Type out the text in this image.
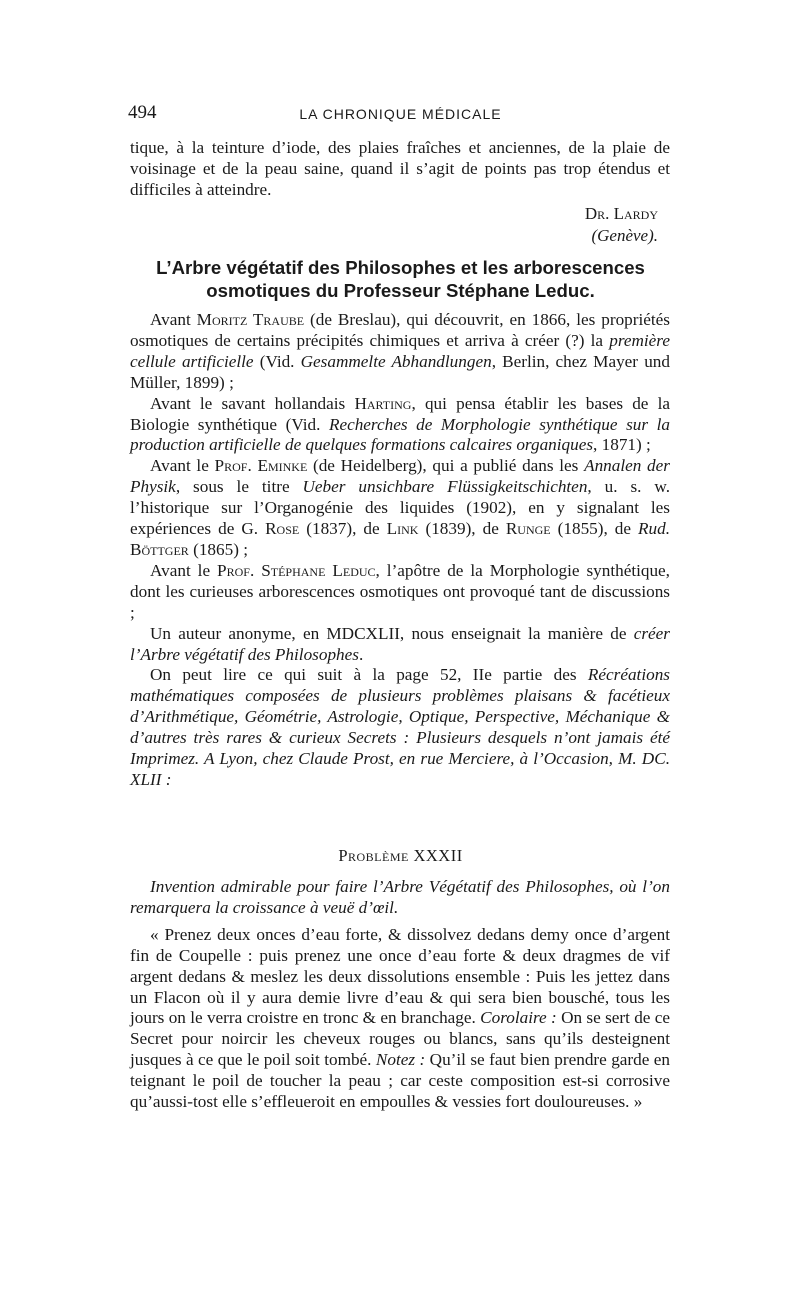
494	LA CHRONIQUE MÉDICALE

tique, à la teinture d’iode, des plaies fraîches et anciennes, de la plaie de voisinage et de la peau saine, quand il s’agit de points pas trop étendus et difficiles à atteindre.

Dr. Lardy
(Genève).
L’Arbre végétatif des Philosophes et les arborescences
osmotiques du Professeur Stéphane Leduc.

Avant Moritz Traube (de Breslau), qui découvrit, en 1866, les propriétés osmotiques de certains précipités chimiques et arriva à créer (?) la première cellule artificielle (Vid. Gesammelte Abhandlungen, Berlin, chez Mayer und Müller, 1899) ;

Avant le savant hollandais Harting, qui pensa établir les bases de la Biologie synthétique (Vid. Recherches de Morphologie synthétique sur la production artificielle de quelques formations calcaires organiques, 1871) ;

Avant le Prof. Eminke (de Heidelberg), qui a publié dans les Annalen der Physik, sous le titre Ueber unsichbare Flüssigkeitschichten, u. s. w. l’historique sur l’Organogénie des liquides (1902), en y signalant les expériences de G. Rose (1837), de Link (1839), de Runge (1855), de Rud. Böttger (1865) ;

Avant le Prof. Stéphane Leduc, l’apôtre de la Morphologie synthétique, dont les curieuses arborescences osmotiques ont provoqué tant de discussions ;

Un auteur anonyme, en MDCXLII, nous enseignait la manière de créer l’Arbre végétatif des Philosophes.

On peut lire ce qui suit à la page 52, IIe partie des Récréations mathématiques composées de plusieurs problèmes plaisans & facétieux d’Arithmétique, Géométrie, Astrologie, Optique, Perspective, Méchanique & d’autres très rares & curieux Secrets : Plusieurs desquels n’ont jamais été Imprimez. A Lyon, chez Claude Prost, en rue Merciere, à l’Occasion, M. DC. XLII :

Problème XXXII

Invention admirable pour faire l’Arbre Végétatif des Philosophes, où l’on remarquera la croissance à veuë d’œil.

« Prenez deux onces d’eau forte, & dissolvez dedans demy once d’argent fin de Coupelle : puis prenez une once d’eau forte & deux dragmes de vif argent dedans & meslez les deux dissolutions ensemble : Puis les jettez dans un Flacon où il y aura demie livre d’eau & qui sera bien bousché, tous les jours on le verra croistre en tronc & en branchage. Corolaire : On se sert de ce Secret pour noircir les cheveux rouges ou blancs, sans qu’ils desteignent jusques à ce que le poil soit tombé. Notez : Qu’il se faut bien prendre garde en teignant le poil de toucher la peau ; car ceste composition est-si corrosive qu’aussi-tost elle s’effleueroit en empoulles & vessies fort douloureuses. »
